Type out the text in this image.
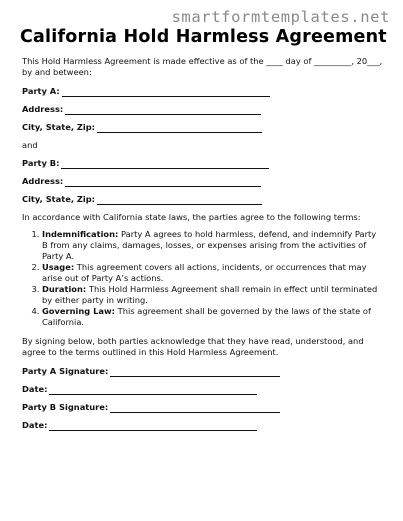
smartformtemplates.net
California Hold Harmless Agreement

This Hold Harmless Agreement is made effective as of the ____ day of _________, 20___, by and between:

Party A:
Address:
City, State, Zip:

and

Party B:
Address:
City, State, Zip:

In accordance with California state laws, the parties agree to the following terms:

1. Indemnification: Party A agrees to hold harmless, defend, and indemnify Party B from any claims, damages, losses, or expenses arising from the activities of Party A.
2. Usage: This agreement covers all actions, incidents, or occurrences that may arise out of Party A’s actions.
3. Duration: This Hold Harmless Agreement shall remain in effect until terminated by either party in writing.
4. Governing Law: This agreement shall be governed by the laws of the state of California.

By signing below, both parties acknowledge that they have read, understood, and agree to the terms outlined in this Hold Harmless Agreement.

Party A Signature:
Date:
Party B Signature:
Date:
